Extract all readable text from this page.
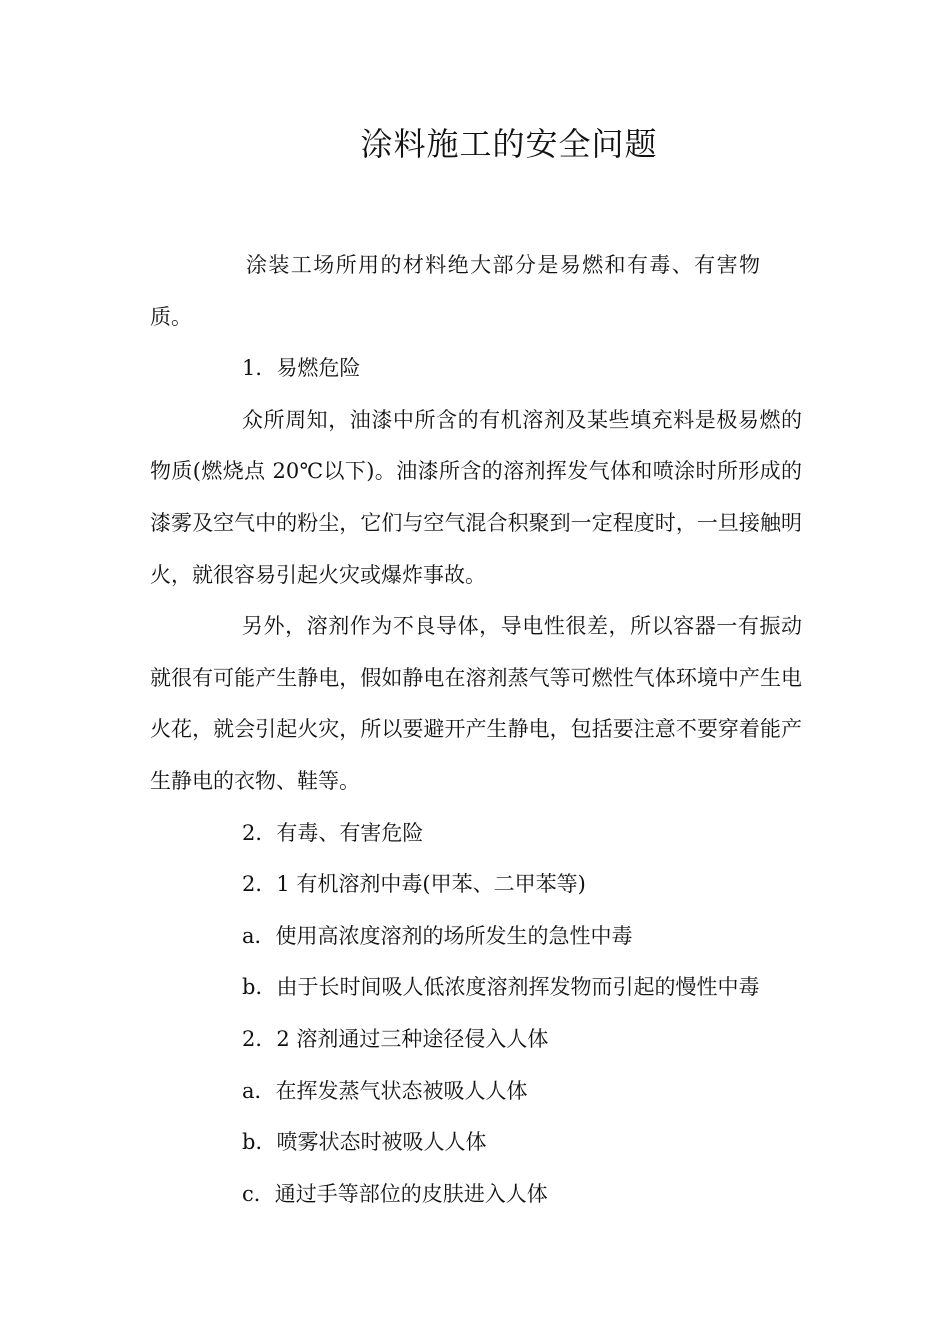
涂料施工的安全问题

涂装工场所用的材料绝大部分是易燃和有毒、有害物质。

1．易燃危险

众所周知，油漆中所含的有机溶剂及某些填充料是极易燃的物质(燃烧点 20℃以下)。油漆所含的溶剂挥发气体和喷涂时所形成的漆雾及空气中的粉尘，它们与空气混合积聚到一定程度时，一旦接触明火，就很容易引起火灾或爆炸事故。

另外，溶剂作为不良导体，导电性很差，所以容器一有振动就很有可能产生静电，假如静电在溶剂蒸气等可燃性气体环境中产生电火花，就会引起火灾，所以要避开产生静电，包括要注意不要穿着能产生静电的衣物、鞋等。

2．有毒、有害危险

2．1 有机溶剂中毒(甲苯、二甲苯等)

a．使用高浓度溶剂的场所发生的急性中毒

b．由于长时间吸人低浓度溶剂挥发物而引起的慢性中毒

2．2 溶剂通过三种途径侵入人体

a．在挥发蒸气状态被吸人人体

b．喷雾状态时被吸人人体

c．通过手等部位的皮肤进入人体
